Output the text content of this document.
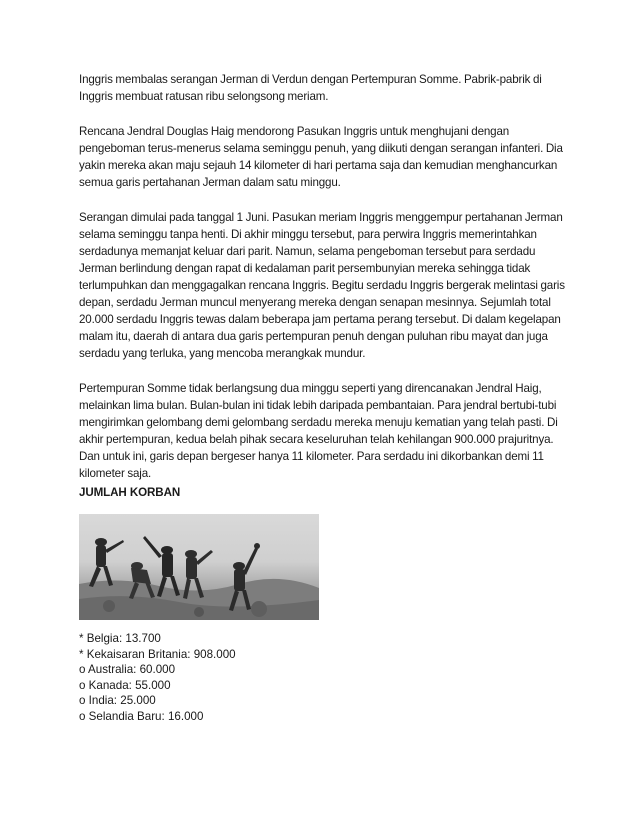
Inggris membalas serangan Jerman di Verdun dengan Pertempuran Somme. Pabrik-pabrik di Inggris membuat ratusan ribu selongsong meriam.

Rencana Jendral Douglas Haig mendorong Pasukan Inggris untuk menghujani dengan pengeboman terus-menerus selama seminggu penuh, yang diikuti dengan serangan infanteri. Dia yakin mereka akan maju sejauh 14 kilometer di hari pertama saja dan kemudian menghancurkan semua garis pertahanan Jerman dalam satu minggu.

Serangan dimulai pada tanggal 1 Juni. Pasukan meriam Inggris menggempur pertahanan Jerman selama seminggu tanpa henti. Di akhir minggu tersebut, para perwira Inggris memerintahkan serdadunya memanjat keluar dari parit. Namun, selama pengeboman tersebut para serdadu Jerman berlindung dengan rapat di kedalaman parit persembunyian mereka sehingga tidak terlumpuhkan dan menggagalkan rencana Inggris. Begitu serdadu Inggris bergerak melintasi garis depan, serdadu Jerman muncul menyerang mereka dengan senapan mesinnya. Sejumlah total 20.000 serdadu Inggris tewas dalam beberapa jam pertama perang tersebut. Di dalam kegelapan malam itu, daerah di antara dua garis pertempuran penuh dengan puluhan ribu mayat dan juga serdadu yang terluka, yang mencoba merangkak mundur.

Pertempuran Somme tidak berlangsung dua minggu seperti yang direncanakan Jendral Haig, melainkan lima bulan. Bulan-bulan ini tidak lebih daripada pembantaian. Para jendral bertubi-tubi mengirimkan gelombang demi gelombang serdadu mereka menuju kematian yang telah pasti. Di akhir pertempuran, kedua belah pihak secara keseluruhan telah kehilangan 900.000 prajuritnya. Dan untuk ini, garis depan bergeser hanya 11 kilometer. Para serdadu ini dikorbankan demi 11 kilometer saja.

JUMLAH KORBAN
* Belgia: 13.700
* Kekaisaran Britania: 908.000
o Australia: 60.000
o Kanada: 55.000
o India: 25.000
o Selandia Baru: 16.000
